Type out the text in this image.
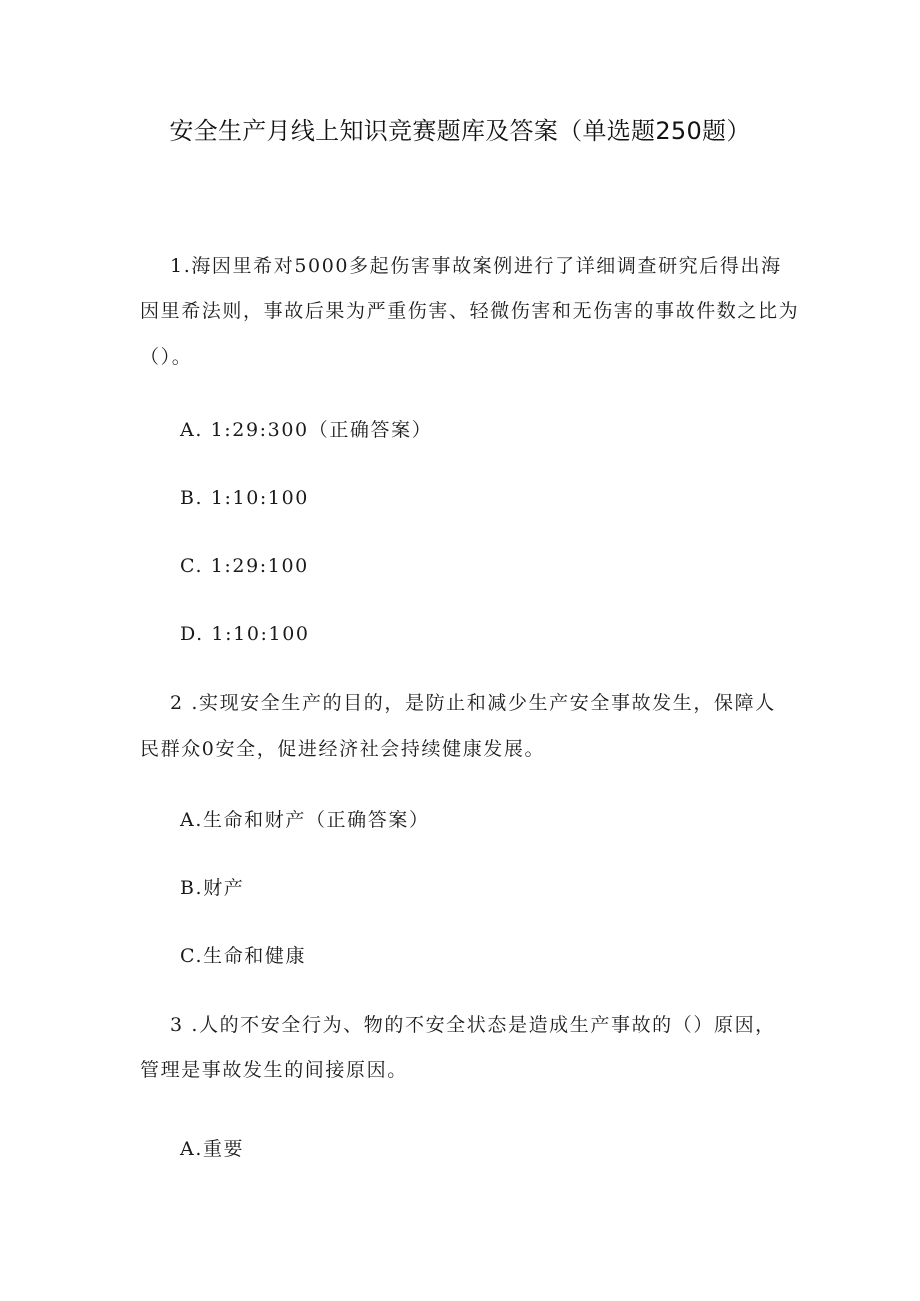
安全生产月线上知识竞赛题库及答案（单选题250题）
1.海因里希对5000多起伤害事故案例进行了详细调查研究后得出海
因里希法则，事故后果为严重伤害、轻微伤害和无伤害的事故件数之比为
（）。
A. 1:29:300（正确答案）
B. 1:10:100
C. 1:29:100
D. 1:10:100
2 .实现安全生产的目的，是防止和减少生产安全事故发生，保障人
民群众0安全，促进经济社会持续健康发展。
A.生命和财产（正确答案）
B.财产
C.生命和健康
3 .人的不安全行为、物的不安全状态是造成生产事故的（）原因，
管理是事故发生的间接原因。
A.重要
